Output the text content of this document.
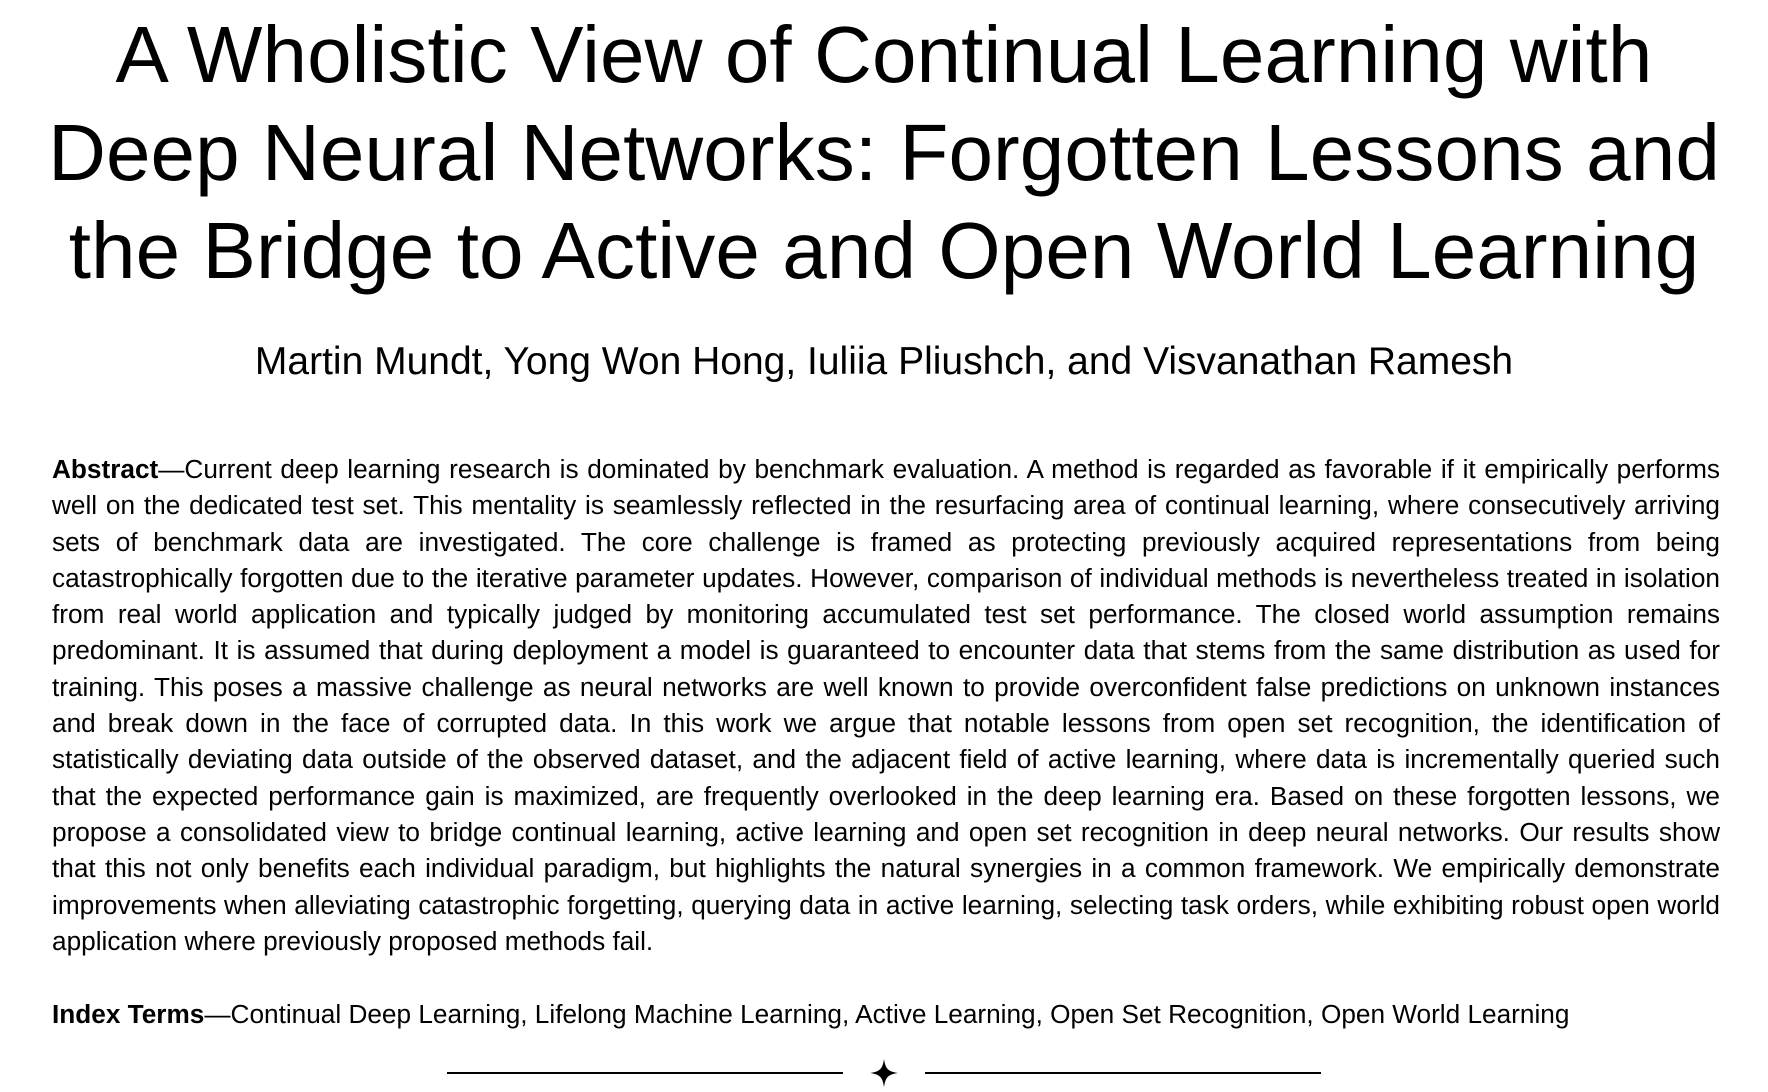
A Wholistic View of Continual Learning with
Deep Neural Networks: Forgotten Lessons and
the Bridge to Active and Open World Learning
Martin Mundt, Yong Won Hong, Iuliia Pliushch, and Visvanathan Ramesh
Abstract—Current deep learning research is dominated by benchmark evaluation. A method is regarded as favorable if it empirically performs well on the dedicated test set. This mentality is seamlessly reflected in the resurfacing area of continual learning, where consecutively arriving sets of benchmark data are investigated. The core challenge is framed as protecting previously acquired representations from being catastrophically forgotten due to the iterative parameter updates. However, comparison of individual methods is nevertheless treated in isolation from real world application and typically judged by monitoring accumulated test set performance. The closed world assumption remains predominant. It is assumed that during deployment a model is guaranteed to encounter data that stems from the same distribution as used for training. This poses a massive challenge as neural networks are well known to provide overconfident false predictions on unknown instances and break down in the face of corrupted data. In this work we argue that notable lessons from open set recognition, the identification of statistically deviating data outside of the observed dataset, and the adjacent field of active learning, where data is incrementally queried such that the expected performance gain is maximized, are frequently overlooked in the deep learning era. Based on these forgotten lessons, we propose a consolidated view to bridge continual learning, active learning and open set recognition in deep neural networks. Our results show that this not only benefits each individual paradigm, but highlights the natural synergies in a common framework. We empirically demonstrate improvements when alleviating catastrophic forgetting, querying data in active learning, selecting task orders, while exhibiting robust open world application where previously proposed methods fail.
Index Terms—Continual Deep Learning, Lifelong Machine Learning, Active Learning, Open Set Recognition, Open World Learning
